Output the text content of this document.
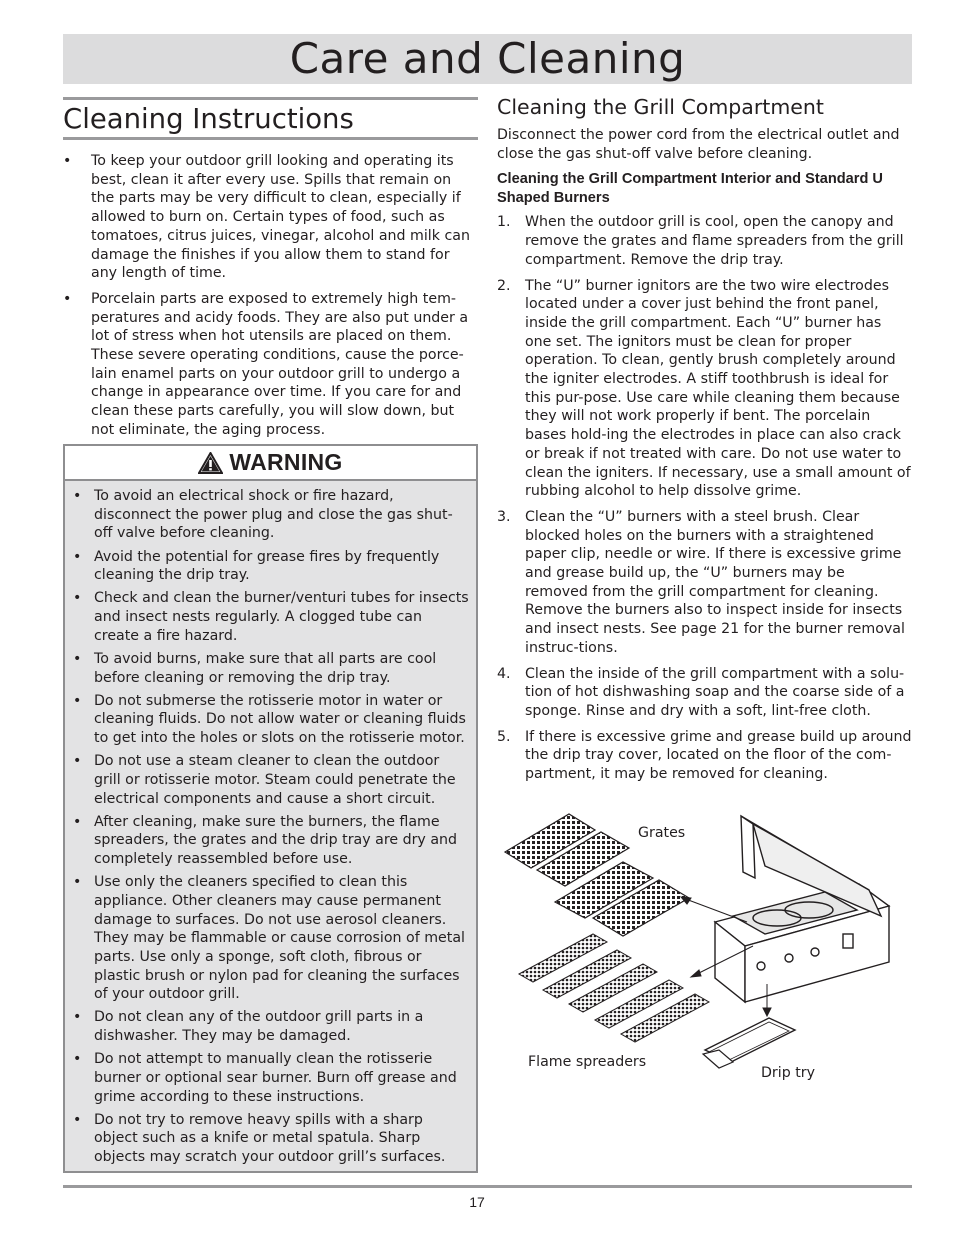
Care and Cleaning
Cleaning Instructions
• To keep your outdoor grill looking and operating its best, clean it after every use. Spills that remain on the parts may be very difficult to clean, especially if allowed to burn on. Certain types of food, such as tomatoes, citrus juices, vinegar, alcohol and milk can damage the finishes if you allow them to stand for any length of time.
• Porcelain parts are exposed to extremely high tem-peratures and acidy foods. They are also put under a lot of stress when hot utensils are placed on them. These severe operating conditions, cause the porce-lain enamel parts on your outdoor grill to undergo a change in appearance over time. If you care for and clean these parts carefully, you will slow down, but not eliminate, the aging process.
WARNING
• To avoid an electrical shock or fire hazard, disconnect the power plug and close the gas shut-off valve before cleaning.
• Avoid the potential for grease fires by frequently cleaning the drip tray.
• Check and clean the burner/venturi tubes for insects and insect nests regularly. A clogged tube can create a fire hazard.
• To avoid burns, make sure that all parts are cool before cleaning or removing the drip tray.
• Do not submerse the rotisserie motor in water or cleaning fluids. Do not allow water or cleaning fluids to get into the holes or slots on the rotisserie motor.
• Do not use a steam cleaner to clean the outdoor grill or rotisserie motor. Steam could penetrate the electrical components and cause a short circuit.
• After cleaning, make sure the burners, the flame spreaders, the grates and the drip tray are dry and completely reassembled before use.
• Use only the cleaners specified to clean this appliance. Other cleaners may cause permanent damage to surfaces. Do not use aerosol cleaners. They may be flammable or cause corrosion of metal parts. Use only a sponge, soft cloth, fibrous or plastic brush or nylon pad for cleaning the surfaces of your outdoor grill.
• Do not clean any of the outdoor grill parts in a dishwasher. They may be damaged.
• Do not attempt to manually clean the rotisserie burner or optional sear burner. Burn off grease and grime according to these instructions.
• Do not try to remove heavy spills with a sharp object such as a knife or metal spatula. Sharp objects may scratch your outdoor grill’s surfaces.
Cleaning the Grill Compartment

Disconnect the power cord from the electrical outlet and close the gas shut-off valve before cleaning.

Cleaning the Grill Compartment Interior and Standard U Shaped Burners

1. When the outdoor grill is cool, open the canopy and remove the grates and flame spreaders from the grill compartment. Remove the drip tray.
2. The “U” burner ignitors are the two wire electrodes located under a cover just behind the front panel, inside the grill compartment. Each “U” burner has one set. The ignitors must be clean for proper operation. To clean, gently brush completely around the igniter electrodes. A stiff toothbrush is ideal for this pur-pose. Use care while cleaning them because they will not work properly if bent. The porcelain bases hold-ing the electrodes in place can also crack or break if not treated with care. Do not use water to clean the igniters. If necessary, use a small amount of rubbing alcohol to help dissolve grime.
3. Clean the “U” burners with a steel brush. Clear blocked holes on the burners with a straightened paper clip, needle or wire. If there is excessive grime and grease build up, the “U” burners may be removed from the grill compartment for cleaning. Remove the burners also to inspect inside for insects and insect nests. See page 21 for the burner removal instruc-tions.
4. Clean the inside of the grill compartment with a solu-tion of hot dishwashing soap and the coarse side of a sponge. Rinse and dry with a soft, lint-free cloth.
5. If there is excessive grime and grease build up around the drip tray cover, located on the floor of the com-partment, it may be removed for cleaning.
Grates
Flame spreaders
Drip try
17
